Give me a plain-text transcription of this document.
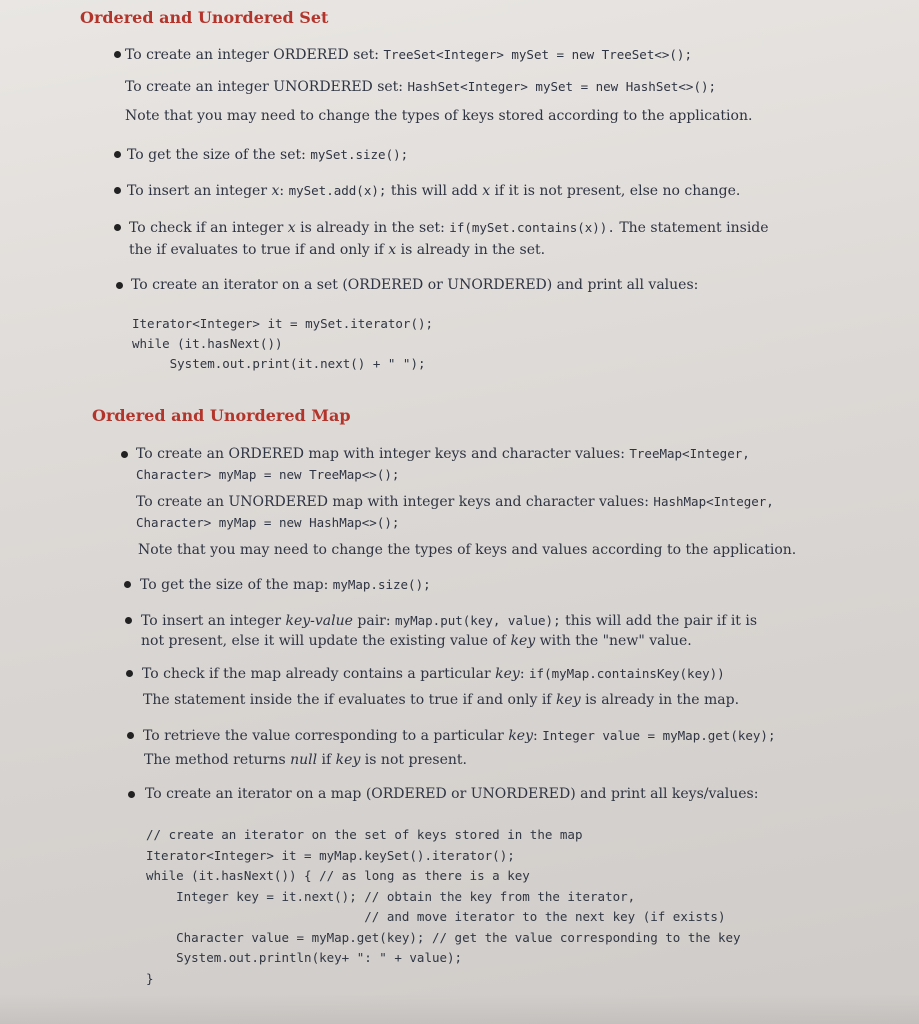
Ordered and Unordered Set
To create an integer ORDERED set: TreeSet<Integer> mySet = new TreeSet<>();
To create an integer UNORDERED set: HashSet<Integer> mySet = new HashSet<>();
Note that you may need to change the types of keys stored according to the application.
To get the size of the set: mySet.size();
To insert an integer x: mySet.add(x); this will add x if it is not present, else no change.
To check if an integer x is already in the set: if(mySet.contains(x)). The statement inside
the if evaluates to true if and only if x is already in the set.
To create an iterator on a set (ORDERED or UNORDERED) and print all values:
Iterator<Integer> it = mySet.iterator();
while (it.hasNext())
System.out.print(it.next() + " ");
Ordered and Unordered Map
To create an ORDERED map with integer keys and character values: TreeMap<Integer,
Character> myMap = new TreeMap<>();
To create an UNORDERED map with integer keys and character values: HashMap<Integer,
Character> myMap = new HashMap<>();
Note that you may need to change the types of keys and values according to the application.
To get the size of the map: myMap.size();
To insert an integer key-value pair: myMap.put(key, value); this will add the pair if it is
not present, else it will update the existing value of key with the "new" value.
To check if the map already contains a particular key: if(myMap.containsKey(key))
The statement inside the if evaluates to true if and only if key is already in the map.
To retrieve the value corresponding to a particular key: Integer value = myMap.get(key);
The method returns null if key is not present.
To create an iterator on a map (ORDERED or UNORDERED) and print all keys/values:
// create an iterator on the set of keys stored in the map
Iterator<Integer> it = myMap.keySet().iterator();
while (it.hasNext()) { // as long as there is a key
Integer key = it.next(); // obtain the key from the iterator,
// and move iterator to the next key (if exists)
Character value = myMap.get(key); // get the value corresponding to the key
System.out.println(key+ ": " + value);
}
